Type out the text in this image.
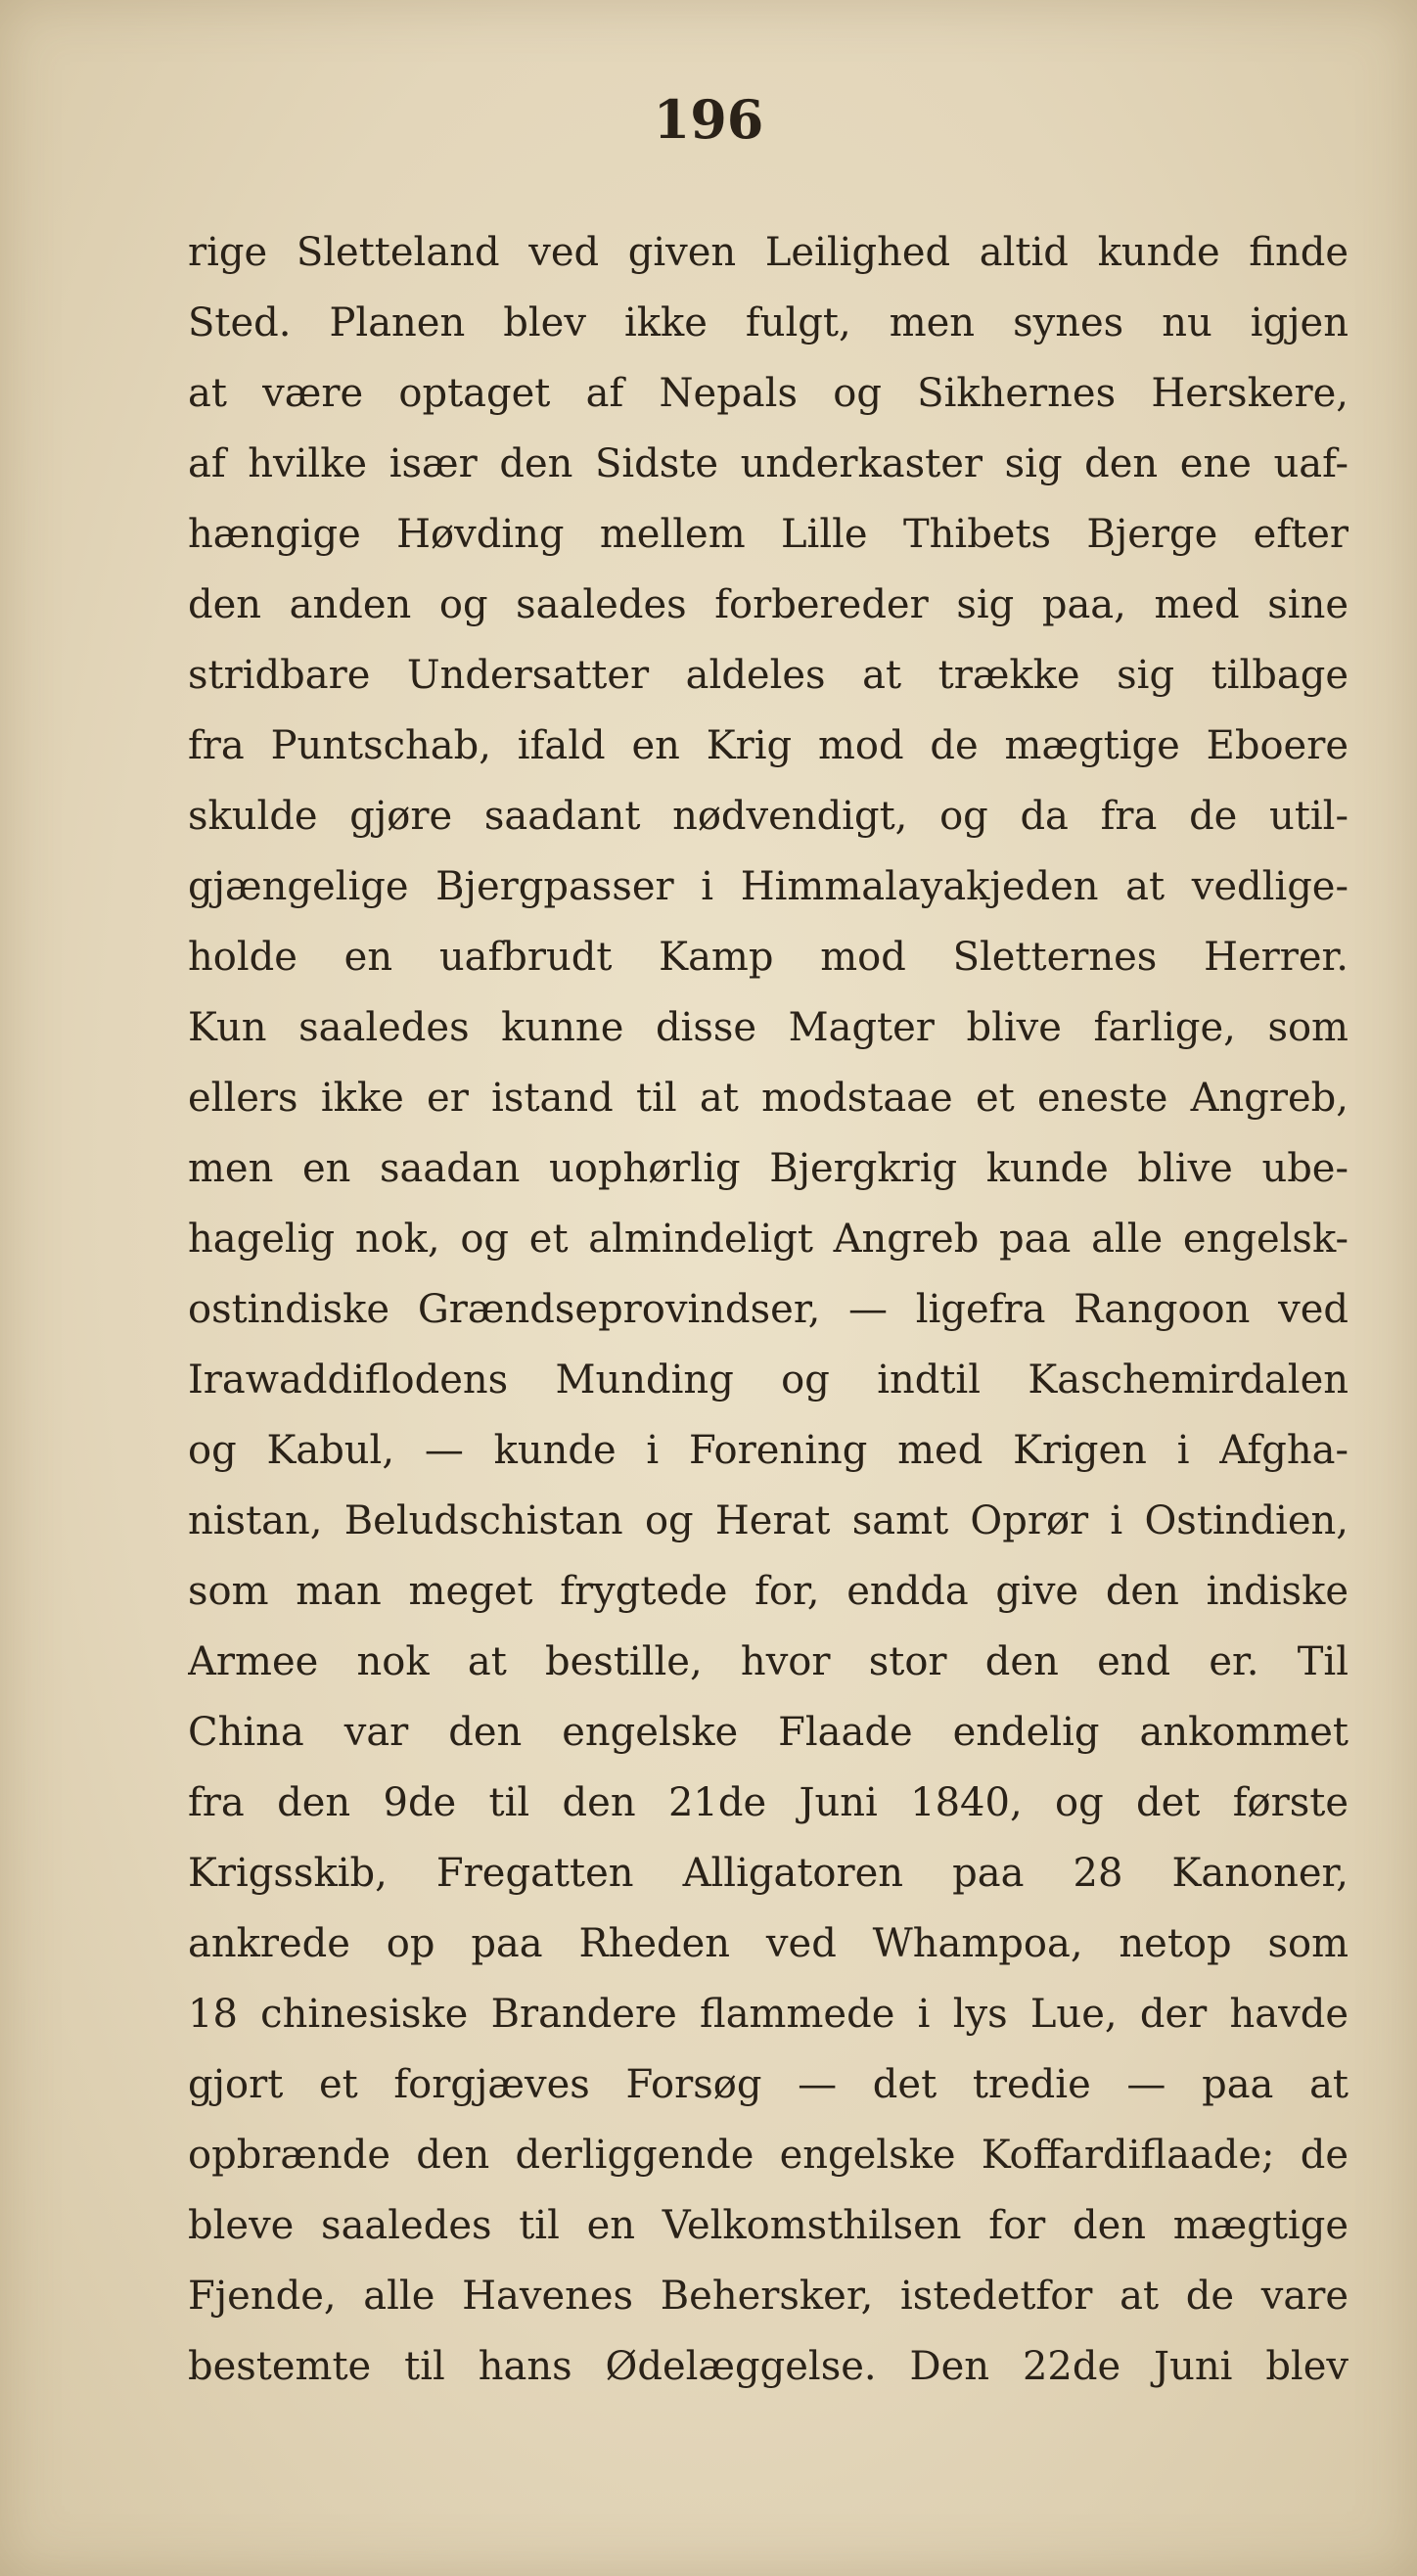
196
rige Sletteland ved given Leilighed altid kunde finde
Sted. Planen blev ikke fulgt, men synes nu igjen
at være optaget af Nepals og Sikhernes Herskere,
af hvilke især den Sidste underkaster sig den ene uaf-
hængige Høvding mellem Lille Thibets Bjerge efter
den anden og saaledes forbereder sig paa, med sine
stridbare Undersatter aldeles at trække sig tilbage
fra Puntschab, ifald en Krig mod de mægtige Eboere
skulde gjøre saadant nødvendigt, og da fra de util-
gjængelige Bjergpasser i Himmalayakjeden at vedlige-
holde en uafbrudt Kamp mod Sletternes Herrer.
Kun saaledes kunne disse Magter blive farlige, som
ellers ikke er istand til at modstaae et eneste Angreb,
men en saadan uophørlig Bjergkrig kunde blive ube-
hagelig nok, og et almindeligt Angreb paa alle engelsk-
ostindiske Grændseprovindser, — ligefra Rangoon ved
Irawaddiflodens Munding og indtil Kaschemirdalen
og Kabul, — kunde i Forening med Krigen i Afgha-
nistan, Beludschistan og Herat samt Oprør i Ostindien,
som man meget frygtede for, endda give den indiske
Armee nok at bestille, hvor stor den end er. Til
China var den engelske Flaade endelig ankommet
fra den 9de til den 21de Juni 1840, og det første
Krigsskib, Fregatten Alligatoren paa 28 Kanoner,
ankrede op paa Rheden ved Whampoa, netop som
18 chinesiske Brandere flammede i lys Lue, der havde
gjort et forgjæves Forsøg — det tredie — paa at
opbrænde den derliggende engelske Koffardiflaade; de
bleve saaledes til en Velkomsthilsen for den mægtige
Fjende, alle Havenes Behersker, istedetfor at de vare
bestemte til hans Ødelæggelse. Den 22de Juni blev
